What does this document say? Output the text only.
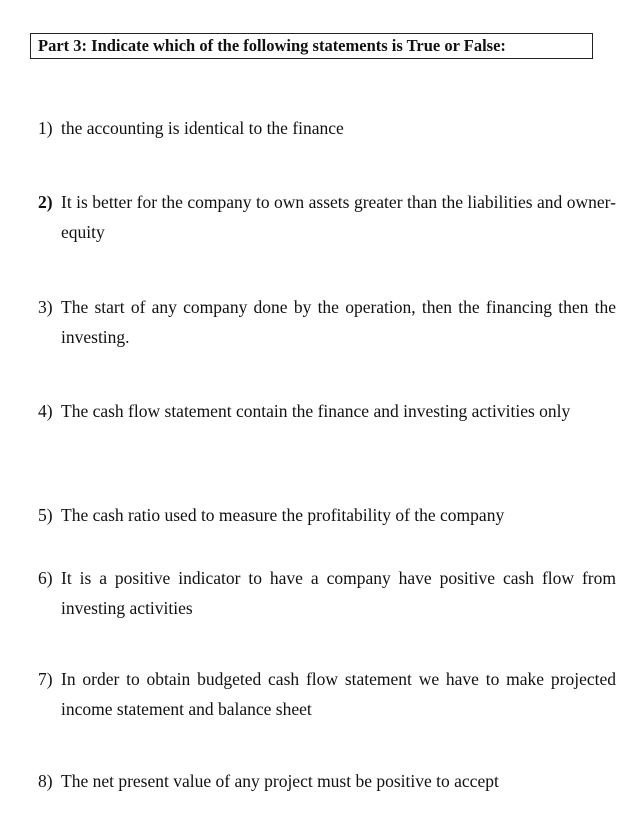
Part 3: Indicate which of the following statements is True or False:
1) the accounting is identical to the finance
2) It is better for the company to own assets greater than the liabilities and owner-equity
3) The start of any company done by the operation, then the financing then the investing.
4) The cash flow statement contain the finance and investing activities only
5) The cash ratio used to measure the profitability of the company
6) It is a positive indicator to have a company have positive cash flow from investing activities
7) In order to obtain budgeted cash flow statement we have to make projected income statement and balance sheet
8) The net present value of any project must be positive to accept
